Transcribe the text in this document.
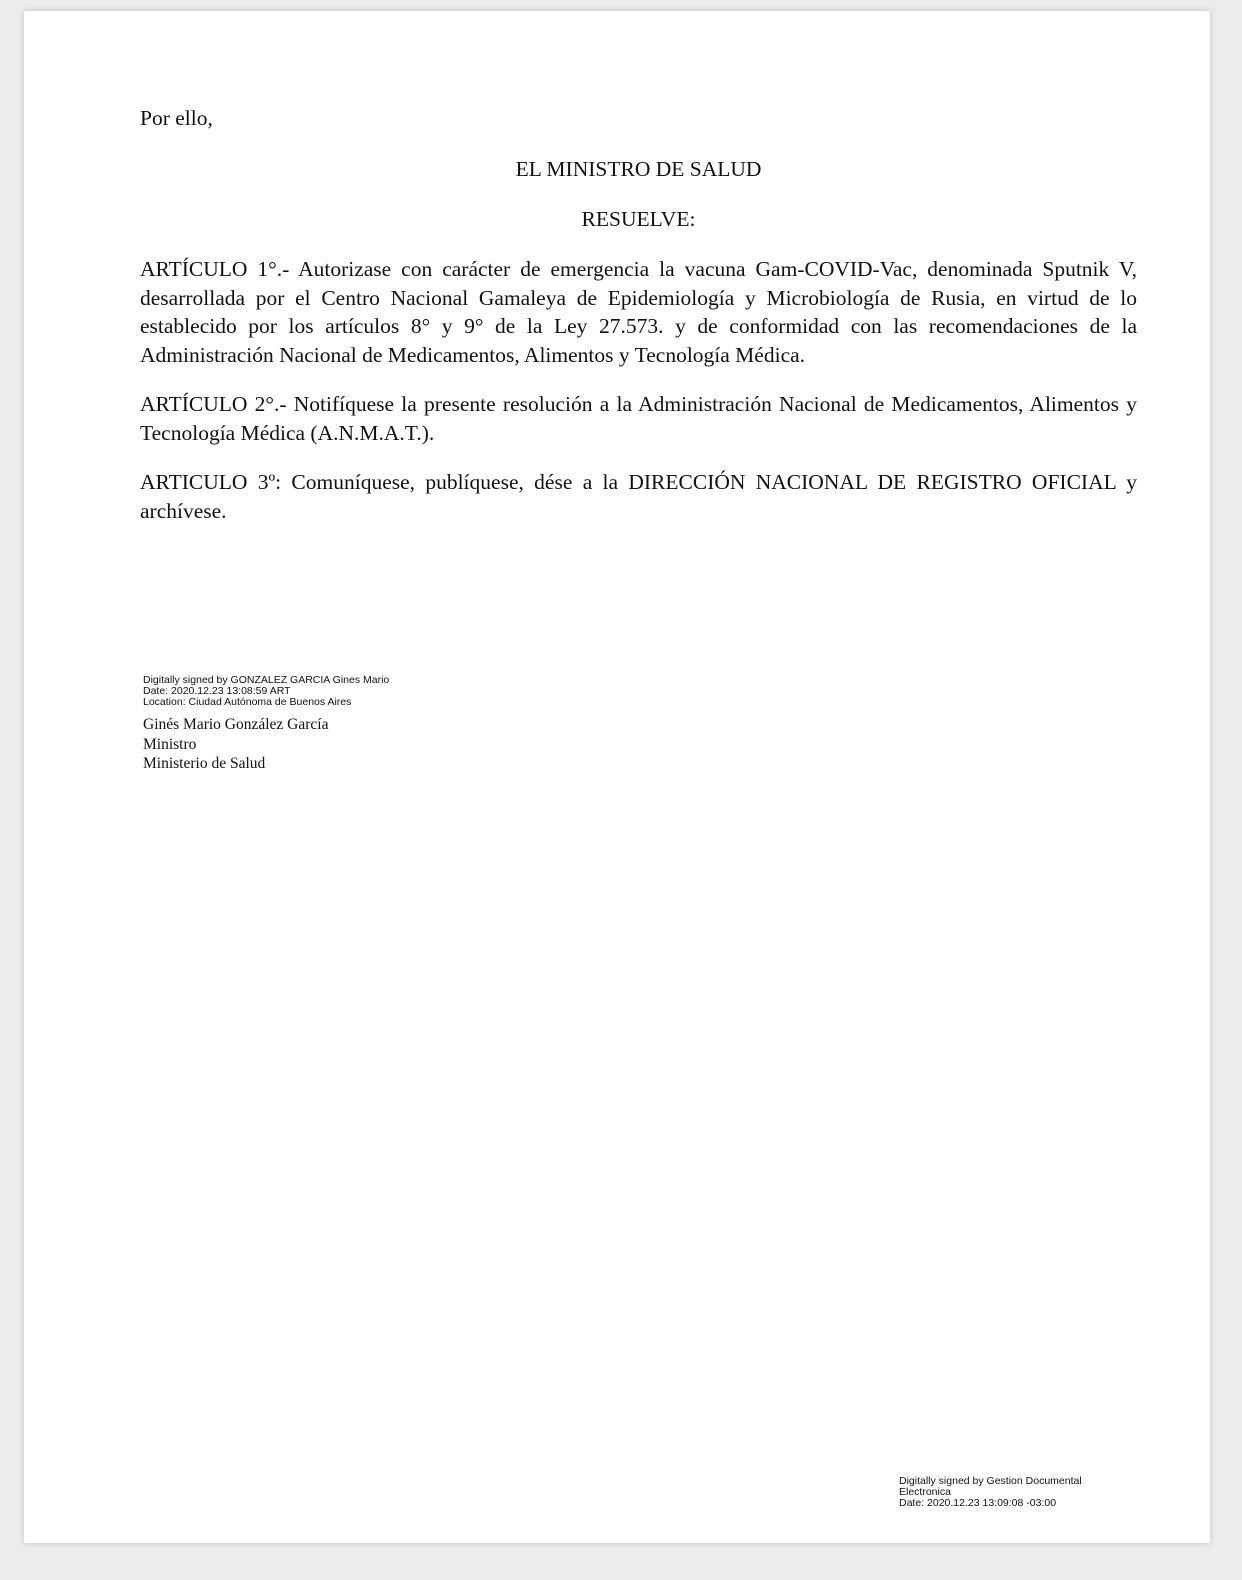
Por ello,
EL MINISTRO DE SALUD
RESUELVE:
ARTÍCULO 1°.- Autorizase con carácter de emergencia la vacuna Gam-COVID-Vac, denominada Sputnik V, desarrollada por el Centro Nacional Gamaleya de Epidemiología y Microbiología de Rusia, en virtud de lo establecido por los artículos 8° y 9° de la Ley 27.573. y de conformidad con las recomendaciones de la Administración Nacional de Medicamentos, Alimentos y Tecnología Médica.
ARTÍCULO 2°.- Notifíquese la presente resolución a la Administración Nacional de Medicamentos, Alimentos y Tecnología Médica (A.N.M.A.T.).
ARTICULO 3º: Comuníquese, publíquese, dése a la DIRECCIÓN NACIONAL DE REGISTRO OFICIAL y archívese.
Digitally signed by GONZALEZ GARCIA Gines Mario
Date: 2020.12.23 13:08:59 ART
Location: Ciudad Autónoma de Buenos Aires
Ginés Mario González García
Ministro
Ministerio de Salud
Digitally signed by Gestion Documental
Electronica
Date: 2020.12.23 13:09:08 -03:00
